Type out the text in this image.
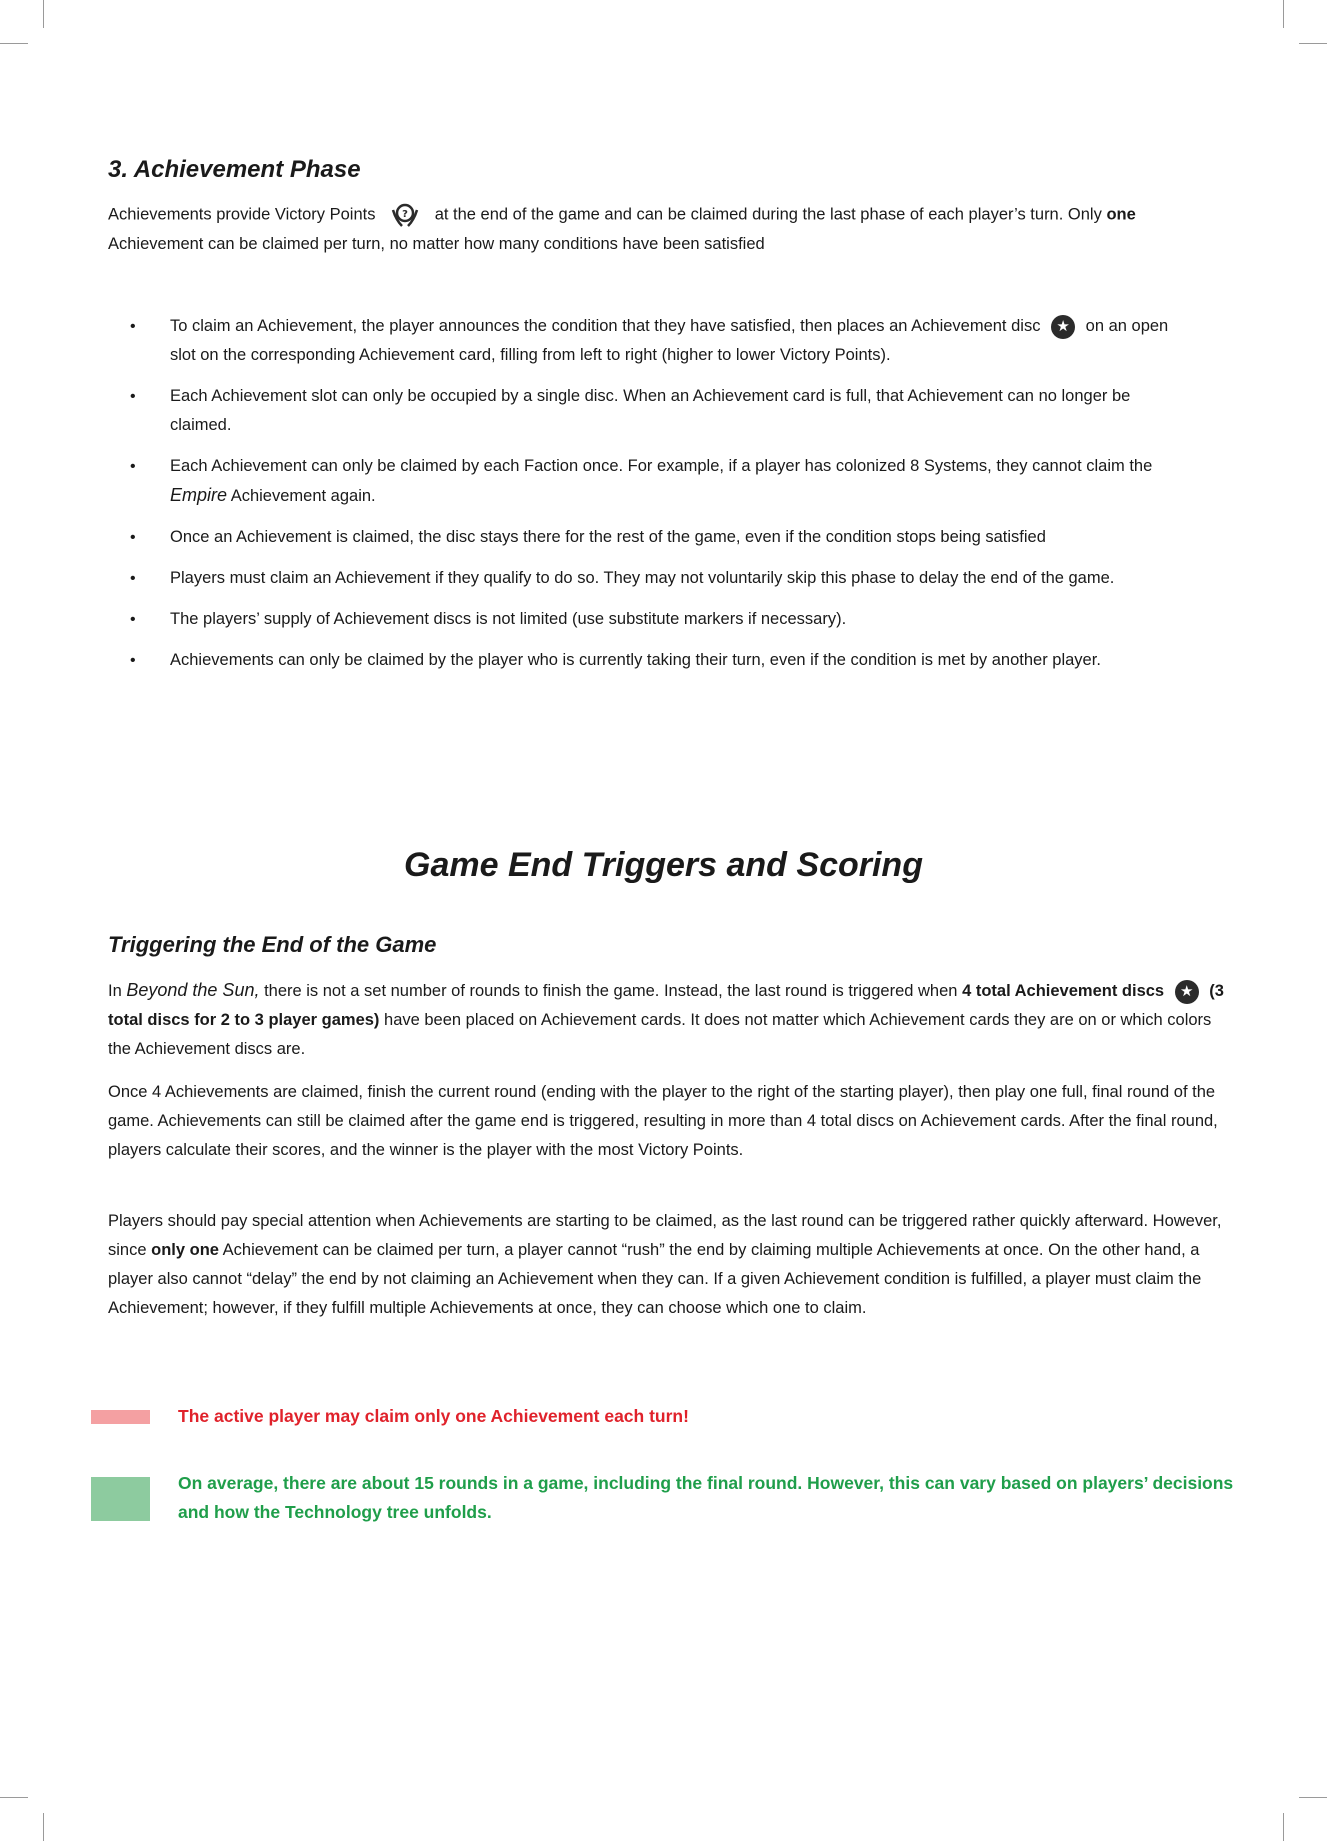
3. Achievement Phase
Achievements provide Victory Points	? at the end of the game and can be claimed during the last phase of each player’s turn. Only one Achievement can be claimed per turn, no matter how many conditions have been satisfied
• To claim an Achievement, the player announces the condition that they have satisfied, then places an Achievement disc ★ on an open slot on the corresponding Achievement card, filling from left to right (higher to lower Victory Points).
• Each Achievement slot can only be occupied by a single disc. When an Achievement card is full, that Achievement can no longer be claimed.
• Each Achievement can only be claimed by each Faction once. For example, if a player has colonized 8 Systems, they cannot claim the Empire Achievement again.
• Once an Achievement is claimed, the disc stays there for the rest of the game, even if the condition stops being satisfied
• Players must claim an Achievement if they qualify to do so. They may not voluntarily skip this phase to delay the end of the game.
• The players’ supply of Achievement discs is not limited (use substitute markers if necessary).
• Achievements can only be claimed by the player who is currently taking their turn, even if the condition is met by another player.
Game End Triggers and Scoring
Triggering the End of the Game
In Beyond the Sun, there is not a set number of rounds to finish the game. Instead, the last round is triggered when 4 total Achievement discs ★ (3 total discs for 2 to 3 player games) have been placed on Achievement cards. It does not matter which Achievement cards they are on or which colors the Achievement discs are.
Once 4 Achievements are claimed, finish the current round (ending with the player to the right of the starting player), then play one full, final round of the game. Achievements can still be claimed after the game end is triggered, resulting in more than 4 total discs on Achievement cards. After the final round, players calculate their scores, and the winner is the player with the most Victory Points.
Players should pay special attention when Achievements are starting to be claimed, as the last round can be triggered rather quickly afterward. However, since only one Achievement can be claimed per turn, a player cannot “rush” the end by claiming multiple Achievements at once. On the other hand, a player also cannot “delay” the end by not claiming an Achievement when they can. If a given Achievement condition is fulfilled, a player must claim the Achievement; however, if they fulfill multiple Achievements at once, they can choose which one to claim.
The active player may claim only one Achievement each turn!
On average, there are about 15 rounds in a game, including the final round. However, this can vary based on players’ decisions and how the Technology tree unfolds.
